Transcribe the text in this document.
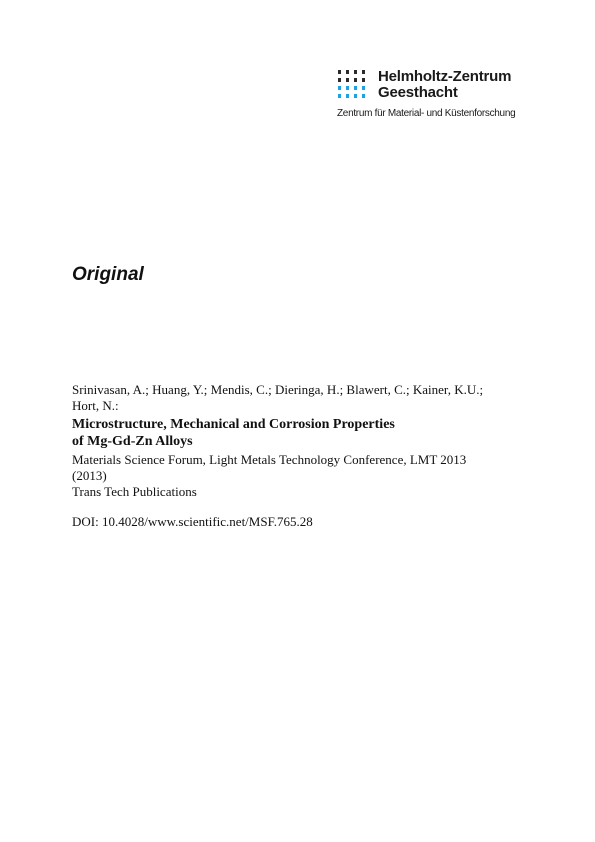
Helmholtz-Zentrum
Geesthacht
Zentrum für Material- und Küstenforschung
Original

Srinivasan, A.; Huang, Y.; Mendis, C.; Dieringa, H.; Blawert, C.; Kainer, K.U.;
Hort, N.:

Microstructure, Mechanical and Corrosion Properties
of Mg-Gd-Zn Alloys

Materials Science Forum, Light Metals Technology Conference, LMT 2013
(2013)

Trans Tech Publications

DOI: 10.4028/www.scientific.net/MSF.765.28
